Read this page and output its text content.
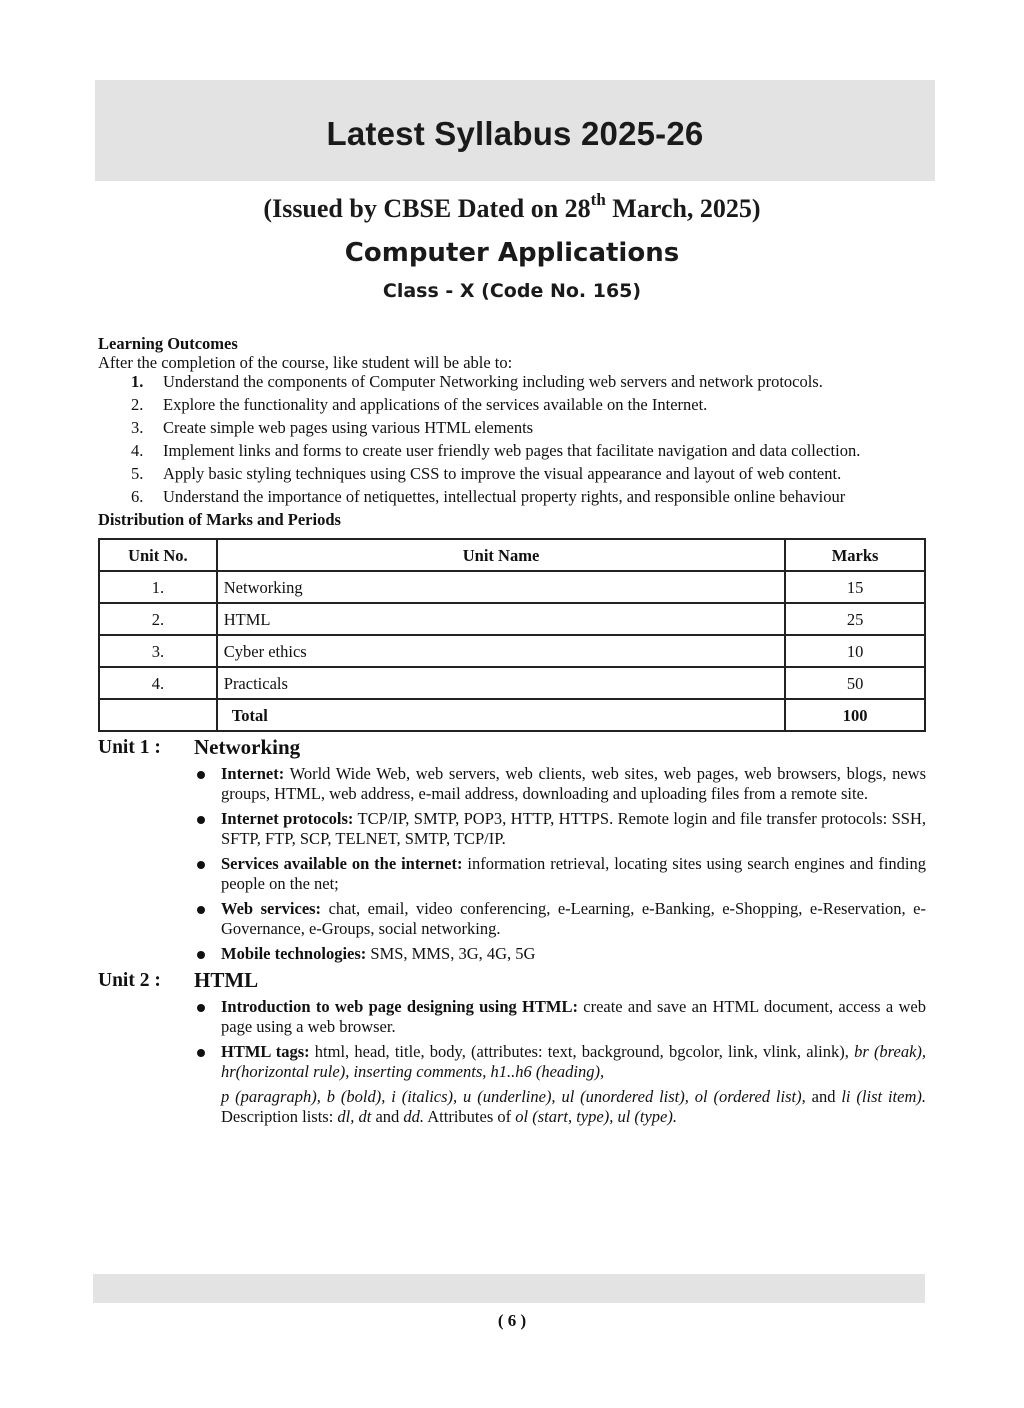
Latest Syllabus 2025-26
(Issued by CBSE Dated on 28th March, 2025)
Computer Applications
Class - X (Code No. 165)
Learning Outcomes
After the completion of the course, like student will be able to:
1. Understand the components of Computer Networking including web servers and network protocols.
2. Explore the functionality and applications of the services available on the Internet.
3. Create simple web pages using various HTML elements
4. Implement links and forms to create user friendly web pages that facilitate navigation and data collection.
5. Apply basic styling techniques using CSS to improve the visual appearance and layout of web content.
6. Understand the importance of netiquettes, intellectual property rights, and responsible online behaviour
Distribution of Marks and Periods
Unit No.	Unit Name	Marks
1.	Networking	15
2.	HTML	25
3.	Cyber ethics	10
4.	Practicals	50
	Total	100
Unit 1 : Networking
Internet: World Wide Web, web servers, web clients, web sites, web pages, web browsers, blogs, news groups, HTML, web address, e-mail address, downloading and uploading files from a remote site.
Internet protocols: TCP/IP, SMTP, POP3, HTTP, HTTPS. Remote login and file transfer protocols: SSH, SFTP, FTP, SCP, TELNET, SMTP, TCP/IP.
Services available on the internet: information retrieval, locating sites using search engines and finding people on the net;
Web services: chat, email, video conferencing, e-Learning, e-Banking, e-Shopping, e-Reservation, e-Governance, e-Groups, social networking.
Mobile technologies: SMS, MMS, 3G, 4G, 5G
Unit 2 : HTML
Introduction to web page designing using HTML: create and save an HTML document, access a web page using a web browser.
HTML tags: html, head, title, body, (attributes: text, background, bgcolor, link, vlink, alink), br (break), hr(horizontal rule), inserting comments, h1..h6 (heading),
p (paragraph), b (bold), i (italics), u (underline), ul (unordered list), ol (ordered list), and li (list item). Description lists: dl, dt and dd. Attributes of ol (start, type), ul (type).
( 6 )
